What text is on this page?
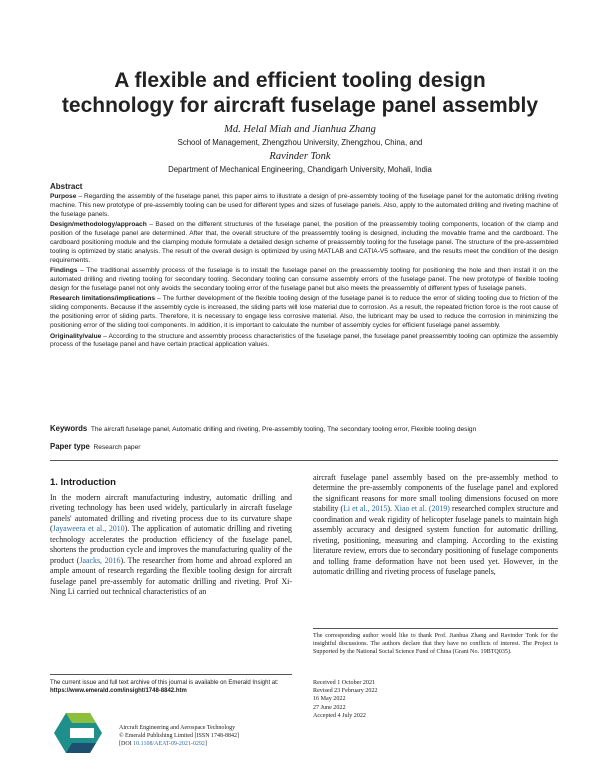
A flexible and efficient tooling design
technology for aircraft fuselage panel assembly
Md. Helal Miah and Jianhua Zhang
School of Management, Zhengzhou University, Zhengzhou, China, and
Ravinder Tonk
Department of Mechanical Engineering, Chandigarh University, Mohali, India
Abstract

Purpose – Regarding the assembly of the fuselage panel, this paper aims to illustrate a design of pre-assembly tooling of the fuselage panel for the automatic drilling riveting machine. This new prototype of pre-assembly tooling can be used for different types and sizes of fuselage panels. Also, apply to the automated drilling and riveting machine of the fuselage panels.

Design/methodology/approach – Based on the different structures of the fuselage panel, the position of the preassembly tooling components, location of the clamp and position of the fuselage panel are determined. After that, the overall structure of the preassembly tooling is designed, including the movable frame and the cardboard. The cardboard positioning module and the clamping module formulate a detailed design scheme of preassembly tooling for the fuselage panel. The structure of the pre-assembled tooling is optimized by static analysis. The result of the overall design is optimized by using MATLAB and CATIA-V5 software, and the results meet the condition of the design requirements.

Findings – The traditional assembly process of the fuselage is to install the fuselage panel on the preassembly tooling for positioning the hole and then install it on the automated drilling and riveting tooling for secondary tooling. Secondary tooling can consume assembly errors of the fuselage panel. The new prototype of flexible tooling design for the fuselage panel not only avoids the secondary tooling error of the fuselage panel but also meets the preassembly of different types of fuselage panels.

Research limitations/implications – The further development of the flexible tooling design of the fuselage panel is to reduce the error of sliding tooling due to friction of the sliding components. Because if the assembly cycle is increased, the sliding parts will lose material due to corrosion. As a result, the repeated friction force is the root cause of the positioning error of sliding parts. Therefore, it is necessary to engage less corrosive material. Also, the lubricant may be used to reduce the corrosion in minimizing the positioning error of the sliding tool components. In addition, it is important to calculate the number of assembly cycles for efficient fuselage panel assembly.

Originality/value – According to the structure and assembly process characteristics of the fuselage panel, the fuselage panel preassembly tooling can optimize the assembly process of the fuselage panel and have certain practical application values.

Keywords The aircraft fuselage panel, Automatic drilling and riveting, Pre-assembly tooling, The secondary tooling error, Flexible tooling design
Paper type Research paper
1. Introduction

In the modern aircraft manufacturing industry, automatic drilling and riveting technology has been used widely, particularly in aircraft fuselage panels' automated drilling and riveting process due to its curvature shape (Jayaweera et al., 2010). The application of automatic drilling and riveting technology accelerates the production efficiency of the fuselage panel, shortens the production cycle and improves the manufacturing quality of the product (Jaacks, 2016). The researcher from home and abroad explored an ample amount of research regarding the flexible tooling design for aircraft fuselage panel pre-assembly for automatic drilling and riveting. Prof Xi-Ning Li carried out technical characteristics of an

aircraft fuselage panel assembly based on the pre-assembly method to determine the pre-assembly components of the fuselage panel and explored the significant reasons for more small tooling dimensions focused on more stability (Li et al., 2015). Xiao et al. (2019) researched complex structure and coordination and weak rigidity of helicopter fuselage panels to maintain high assembly accuracy and designed system function for automatic drilling, riveting, positioning, measuring and clamping. According to the existing literature review, errors due to secondary positioning of fuselage components and tolling frame deformation have not been used yet. However, in the automatic drilling and riveting process of fuselage panels,

The current issue and full text archive of this journal is available on Emerald Insight at: https://www.emerald.com/insight/1748-8842.htm
Aircraft Engineering and Aerospace Technology
© Emerald Publishing Limited [ISSN 1748-8842]
[DOI 10.1108/AEAT-09-2021-0292]
The corresponding author would like to thank Prof. Jianhua Zhang and Ravinder Tonk for the insightful discussions. The authors declare that they have no conflicts of interest. The Project is Supported by the National Social Science Fund of China (Grant No. 19BTQ035).
Received 1 October 2021
Revised 23 February 2022
16 May 2022
27 June 2022
Accepted 4 July 2022
